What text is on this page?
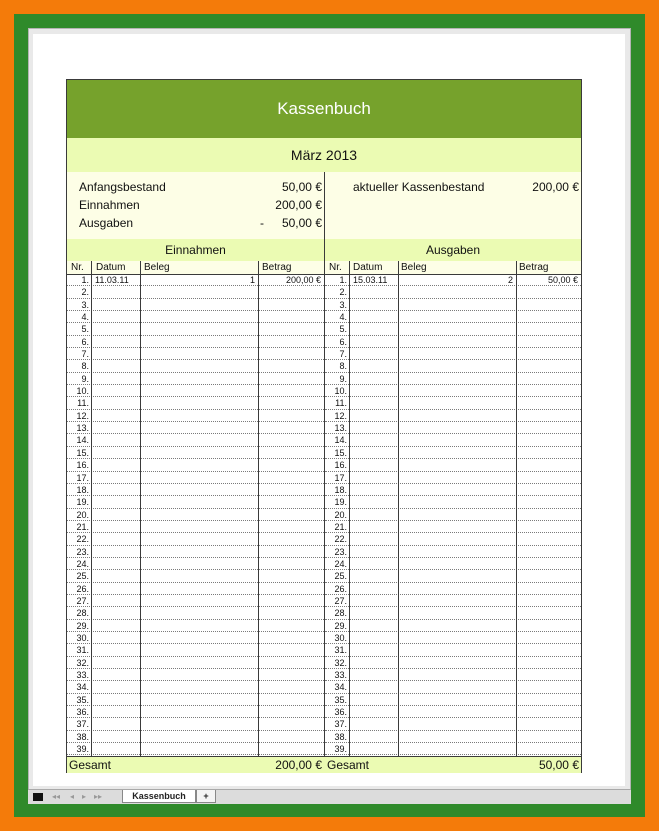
Kassenbuch
März 2013
Anfangsbestand	50,00 €	aktueller Kassenbestand	200,00 €
Einnahmen	200,00 €
Ausgaben	- 50,00 €
Einnahmen
Nr. Datum Beleg	Betrag
1. 11.03.11	1	200,00 €
2.
3.
4.
5.
6.
7.
8.
9.
10.
11.
12.
13.
14.
15.
16.
17.
18.
19.
20.
21.
22.
23.
24.
25.
26.
27.
28.
29.
30.
31.
32.
33.
34.
35.
36.
37.
38.
39.
Ausgaben
Nr. Datum Beleg	Betrag
1. 15.03.11	2	50,00 €
2.
3.
4.
5.
6.
7.
8.
9.
10.
11.
12.
13.
14.
15.
16.
17.
18.
19.
20.
21.
22.
23.
24.
25.
26.
27.
28.
29.
30.
31.
32.
33.
34.
35.
36.
37.
38.
39.
Gesamt	200,00 € Gesamt	50,00 €
◂◂ ◂ ▸ ▸▸	Kassenbuch	+
